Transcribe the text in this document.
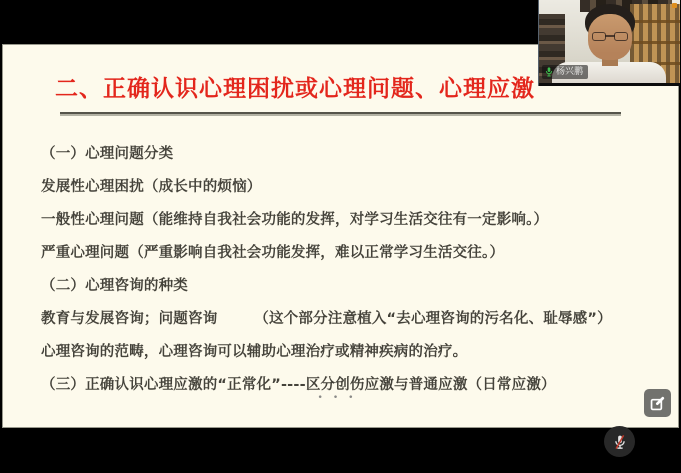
二、正确认识心理困扰或心理问题、心理应激
（一）心理问题分类
发展性心理困扰（成长中的烦恼）
一般性心理问题（能维持自我社会功能的发挥，对学习生活交往有一定影响。）
严重心理问题（严重影响自我社会功能发挥，难以正常学习生活交往。）
（二）心理咨询的种类
教育与发展咨询；问题咨询　　　（这个部分注意植入“去心理咨询的污名化、耻辱感”）
心理咨询的范畴，心理咨询可以辅助心理治疗或精神疾病的治疗。
（三）正确认识心理应激的“正常化”----区分创伤应激与普通应激（日常应激）
•••
杨兴鹏
